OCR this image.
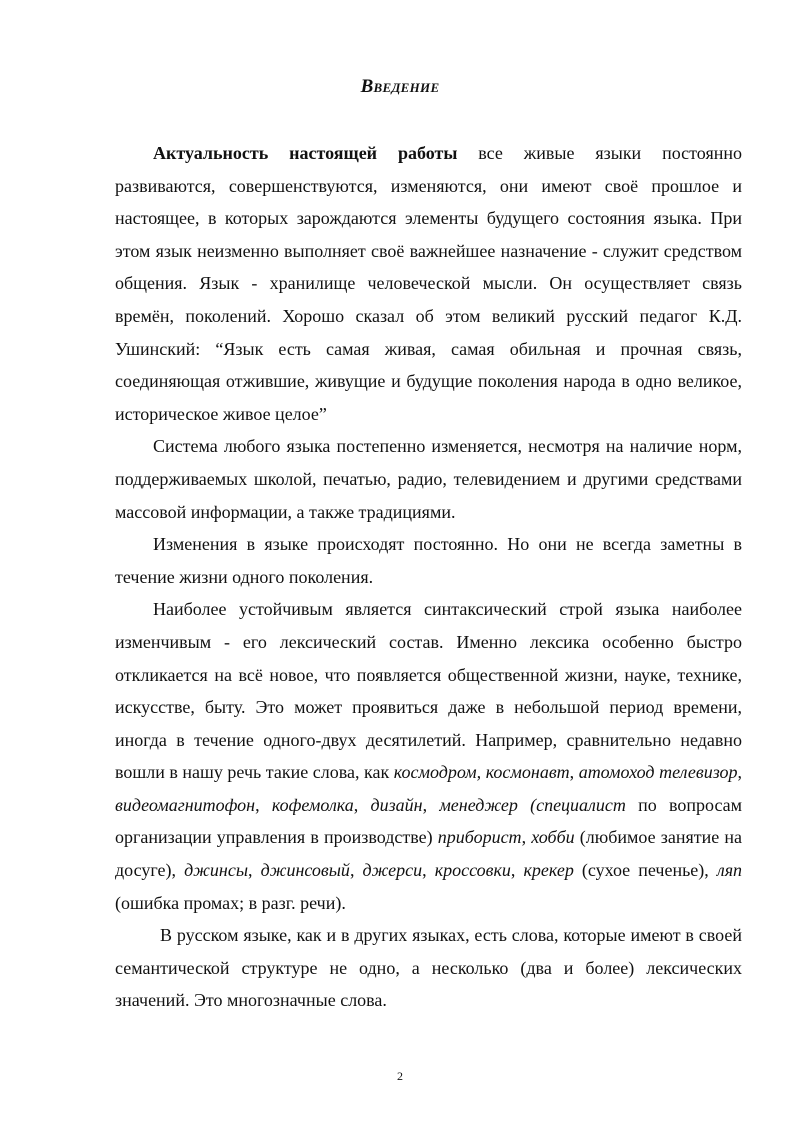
Введение

Актуальность настоящей работы все живые языки постоянно развиваются, совершенствуются, изменяются, они имеют своё прошлое и настоящее, в которых зарождаются элементы будущего состояния языка. При этом язык неизменно выполняет своё важнейшее назначение - служит средством общения. Язык - хранилище человеческой мысли. Он осуществляет связь времён, поколений. Хорошо сказал об этом великий русский педагог К.Д. Ушинский: “Язык есть самая живая, самая обильная и прочная связь, соединяющая отжившие, живущие и будущие поколения народа в одно великое, историческое живое целое”

Система любого языка постепенно изменяется, несмотря на наличие норм, поддерживаемых школой, печатью, радио, телевидением и другими средствами массовой информации, а также традициями.

Изменения в языке происходят постоянно. Но они не всегда заметны в течение жизни одного поколения.

Наиболее устойчивым является синтаксический строй языка наиболее изменчивым - его лексический состав. Именно лексика особенно быстро откликается на всё новое, что появляется общественной жизни, науке, технике, искусстве, быту. Это может проявиться даже в небольшой период времени, иногда в течение одного-двух десятилетий. Например, сравнительно недавно вошли в нашу речь такие слова, как космодром, космонавт, атомоход телевизор, видеомагнитофон, кофемолка, дизайн, менеджер (специалист по вопросам организации управления в производстве) приборист, хобби (любимое занятие на досуге), джинсы, джинсовый, джерси, кроссовки, крекер (сухое печенье), ляп (ошибка промах; в разг. речи).

В русском языке, как и в других языках, есть слова, которые имеют в своей семантической структуре не одно, а несколько (два и более) лексических значений. Это многозначные слова.

2
